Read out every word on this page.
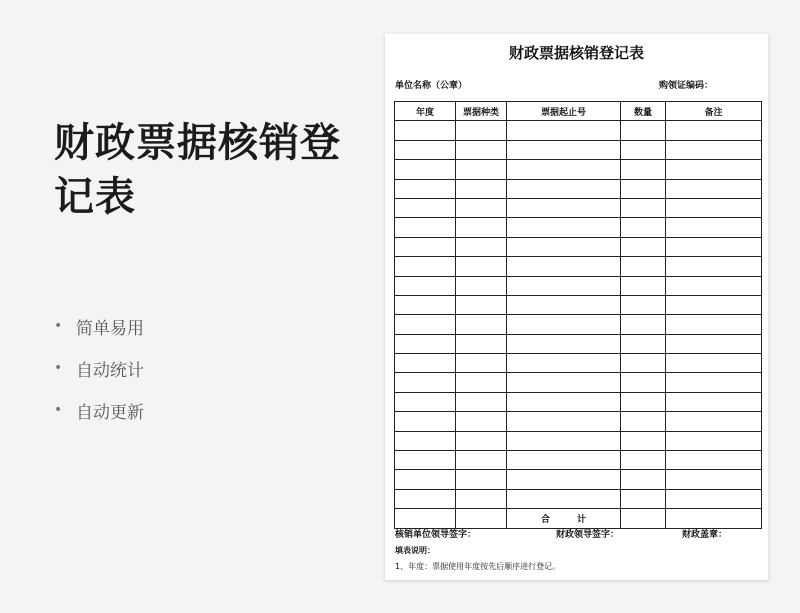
财政票据核销登记表
• 简单易用
• 自动统计
• 自动更新
财政票据核销登记表
单位名称（公章）	购领证编码：
年度	票据种类	票据起止号	数量	备注

		合　　　计		
核销单位领导签字：	财政领导签字：	财政盖章：
填表说明：
1、年度：票据使用年度按先后顺序进行登记。
